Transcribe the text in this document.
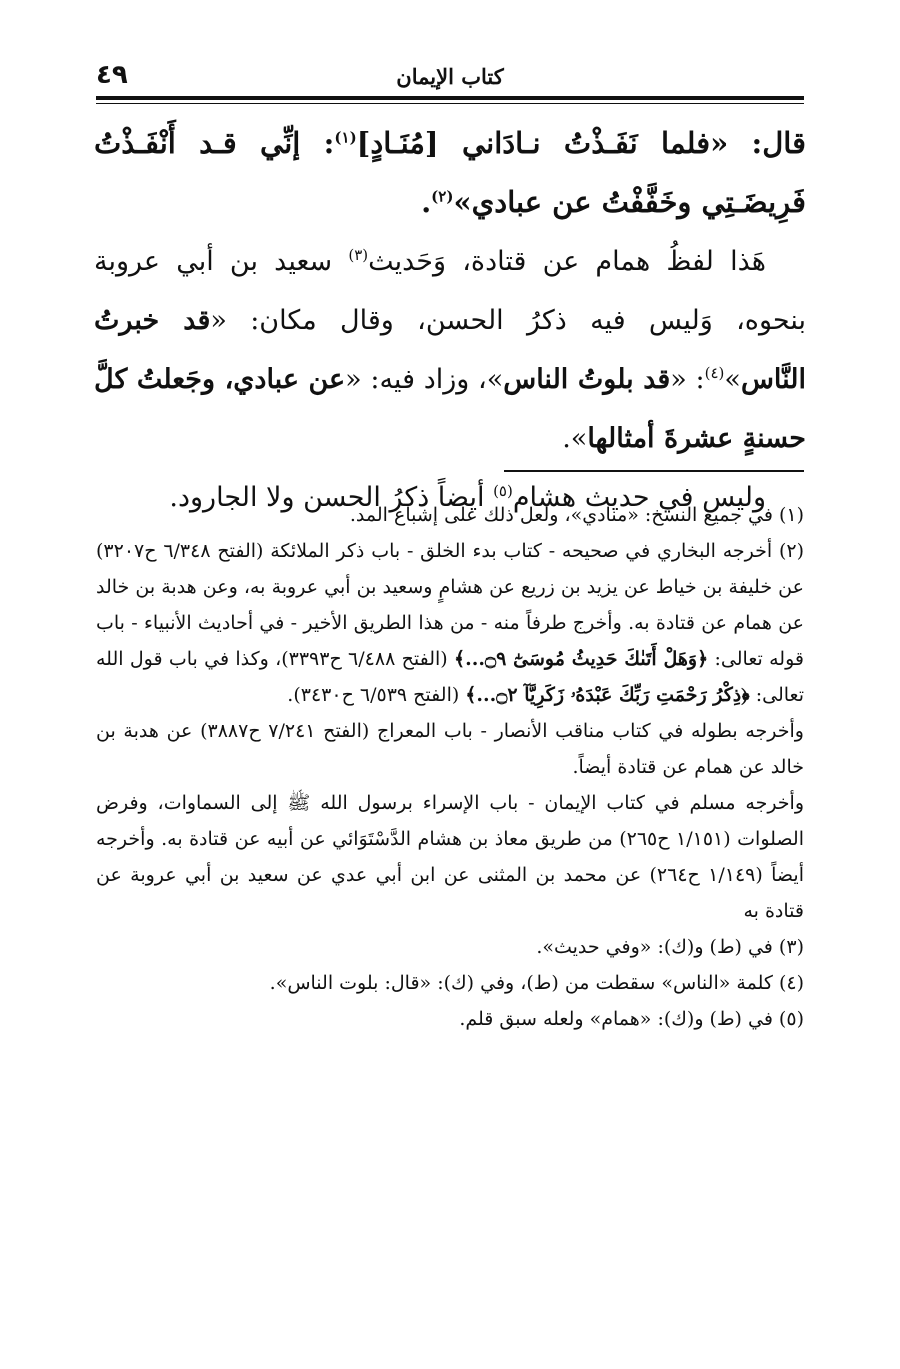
كتاب الإيمان
٤٩

قال: «فلما نَفَـذْتُ نـادَاني [مُنَـادٍ]$^{(١)}$: إنِّي قـد أَنْفَـذْتُ فَرِيضَـتِي وخَفَّفْتُ عن عبادي»$^{(٢)}$.

هَذا لفظُ همام عن قتادة، وَحَديث$^{(٣)}$ سعيد بن أبي عروبة بنحوه، وَليس فيه ذكرُ الحسن، وقال مكان: «قد خبرتُ النَّاس»$^{(٤)}$: «قد بلوتُ الناس»، وزاد فيه: «عن عبادي، وجَعلتُ كلَّ حسنةٍ عشرةَ أمثالها».

وليس في حديث هشام$^{(٥)}$ أيضاً ذكرُ الحسن ولا الجارود.

(١) في جميع النسخ: «منادي»، ولعل ذلك على إشباع المد.

(٢) أخرجه البخاري في صحيحه - كتاب بدء الخلق - باب ذكر الملائكة (الفتح ٦/٣٤٨ ح٣٢٠٧) عن خليفة بن خياط عن يزيد بن زريع عن هشامٍ وسعيد بن أبي عروبة به، وعن هدبة بن خالد عن همام عن قتادة به. وأخرج طرفاً منه - من هذا الطريق الأخير - في أحاديث الأنبياء - باب قوله تعالى: ﴿وَهَلْ أَتَىٰكَ حَدِيثُ مُوسَىٰٓ ۝٩...﴾ (الفتح ٦/٤٨٨ ح٣٣٩٣)، وكذا في باب قول الله تعالى: ﴿ذِكْرُ رَحْمَتِ رَبِّكَ عَبْدَهُۥ زَكَرِيَّآ ۝٢...﴾ (الفتح ٦/٥٣٩ ح٣٤٣٠).

وأخرجه بطوله في كتاب مناقب الأنصار - باب المعراج (الفتح ٧/٢٤١ ح٣٨٨٧) عن هدبة بن خالد عن همام عن قتادة أيضاً.

وأخرجه مسلم في كتاب الإيمان - باب الإسراء برسول الله ﷺ إلى السماوات، وفرض الصلوات (١/١٥١ ح٢٦٥) من طريق معاذ بن هشام الدَّسْتَوَائي عن أبيه عن قتادة به. وأخرجه أيضاً (١/١٤٩ ح٢٦٤) عن محمد بن المثنى عن ابن أبي عدي عن سعيد بن أبي عروبة عن قتادة به

(٣) في (ط) و(ك): «وفي حديث».

(٤) كلمة «الناس» سقطت من (ط)، وفي (ك): «قال: بلوت الناس».

(٥) في (ط) و(ك): «همام» ولعله سبق قلم.
